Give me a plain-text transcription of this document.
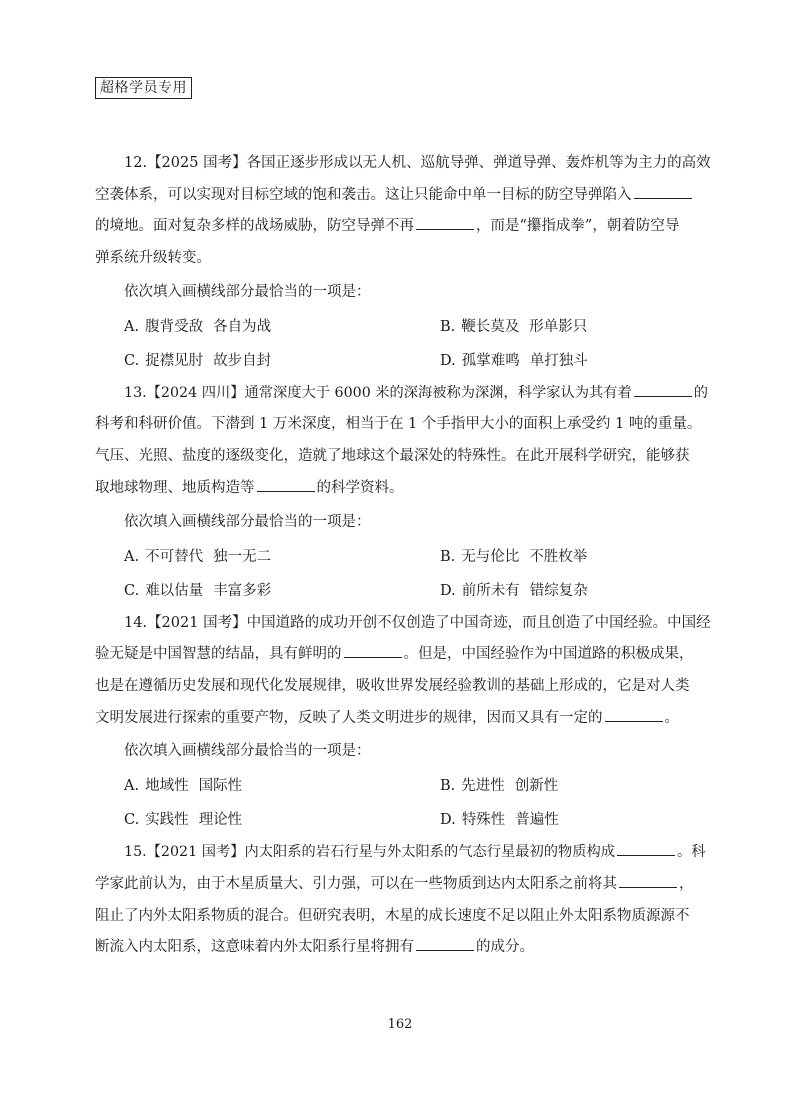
超格学员专用
12.【2025 国考】各国正逐步形成以无人机、巡航导弹、弹道导弹、轰炸机等为主力的高效
空袭体系，可以实现对目标空域的饱和袭击。这让只能命中单一目标的防空导弹陷入
的境地。面对复杂多样的战场威胁，防空导弹不再	，而是“攥指成拳”，朝着防空导
弹系统升级转变。
依次填入画横线部分最恰当的一项是：
A. 腹背受敌 各自为战	B. 鞭长莫及 形单影只
C. 捉襟见肘 故步自封	D. 孤掌难鸣 单打独斗
13.【2024 四川】通常深度大于 6000 米的深海被称为深渊，科学家认为其有着	的
科考和科研价值。下潜到 1 万米深度，相当于在 1 个手指甲大小的面积上承受约 1 吨的重量。
气压、光照、盐度的逐级变化，造就了地球这个最深处的特殊性。在此开展科学研究，能够获
取地球物理、地质构造等	的科学资料。
依次填入画横线部分最恰当的一项是：
A. 不可替代 独一无二	B. 无与伦比 不胜枚举
C. 难以估量 丰富多彩	D. 前所未有 错综复杂
14.【2021 国考】中国道路的成功开创不仅创造了中国奇迹，而且创造了中国经验。中国经
验无疑是中国智慧的结晶，具有鲜明的	。但是，中国经验作为中国道路的积极成果，
也是在遵循历史发展和现代化发展规律，吸收世界发展经验教训的基础上形成的，它是对人类
文明发展进行探索的重要产物，反映了人类文明进步的规律，因而又具有一定的	。
依次填入画横线部分最恰当的一项是：
A. 地域性 国际性	B. 先进性 创新性
C. 实践性 理论性	D. 特殊性 普遍性
15.【2021 国考】内太阳系的岩石行星与外太阳系的气态行星最初的物质构成	。科
学家此前认为，由于木星质量大、引力强，可以在一些物质到达内太阳系之前将其	，
阻止了内外太阳系物质的混合。但研究表明，木星的成长速度不足以阻止外太阳系物质源源不
断流入内太阳系，这意味着内外太阳系行星将拥有	的成分。
162
